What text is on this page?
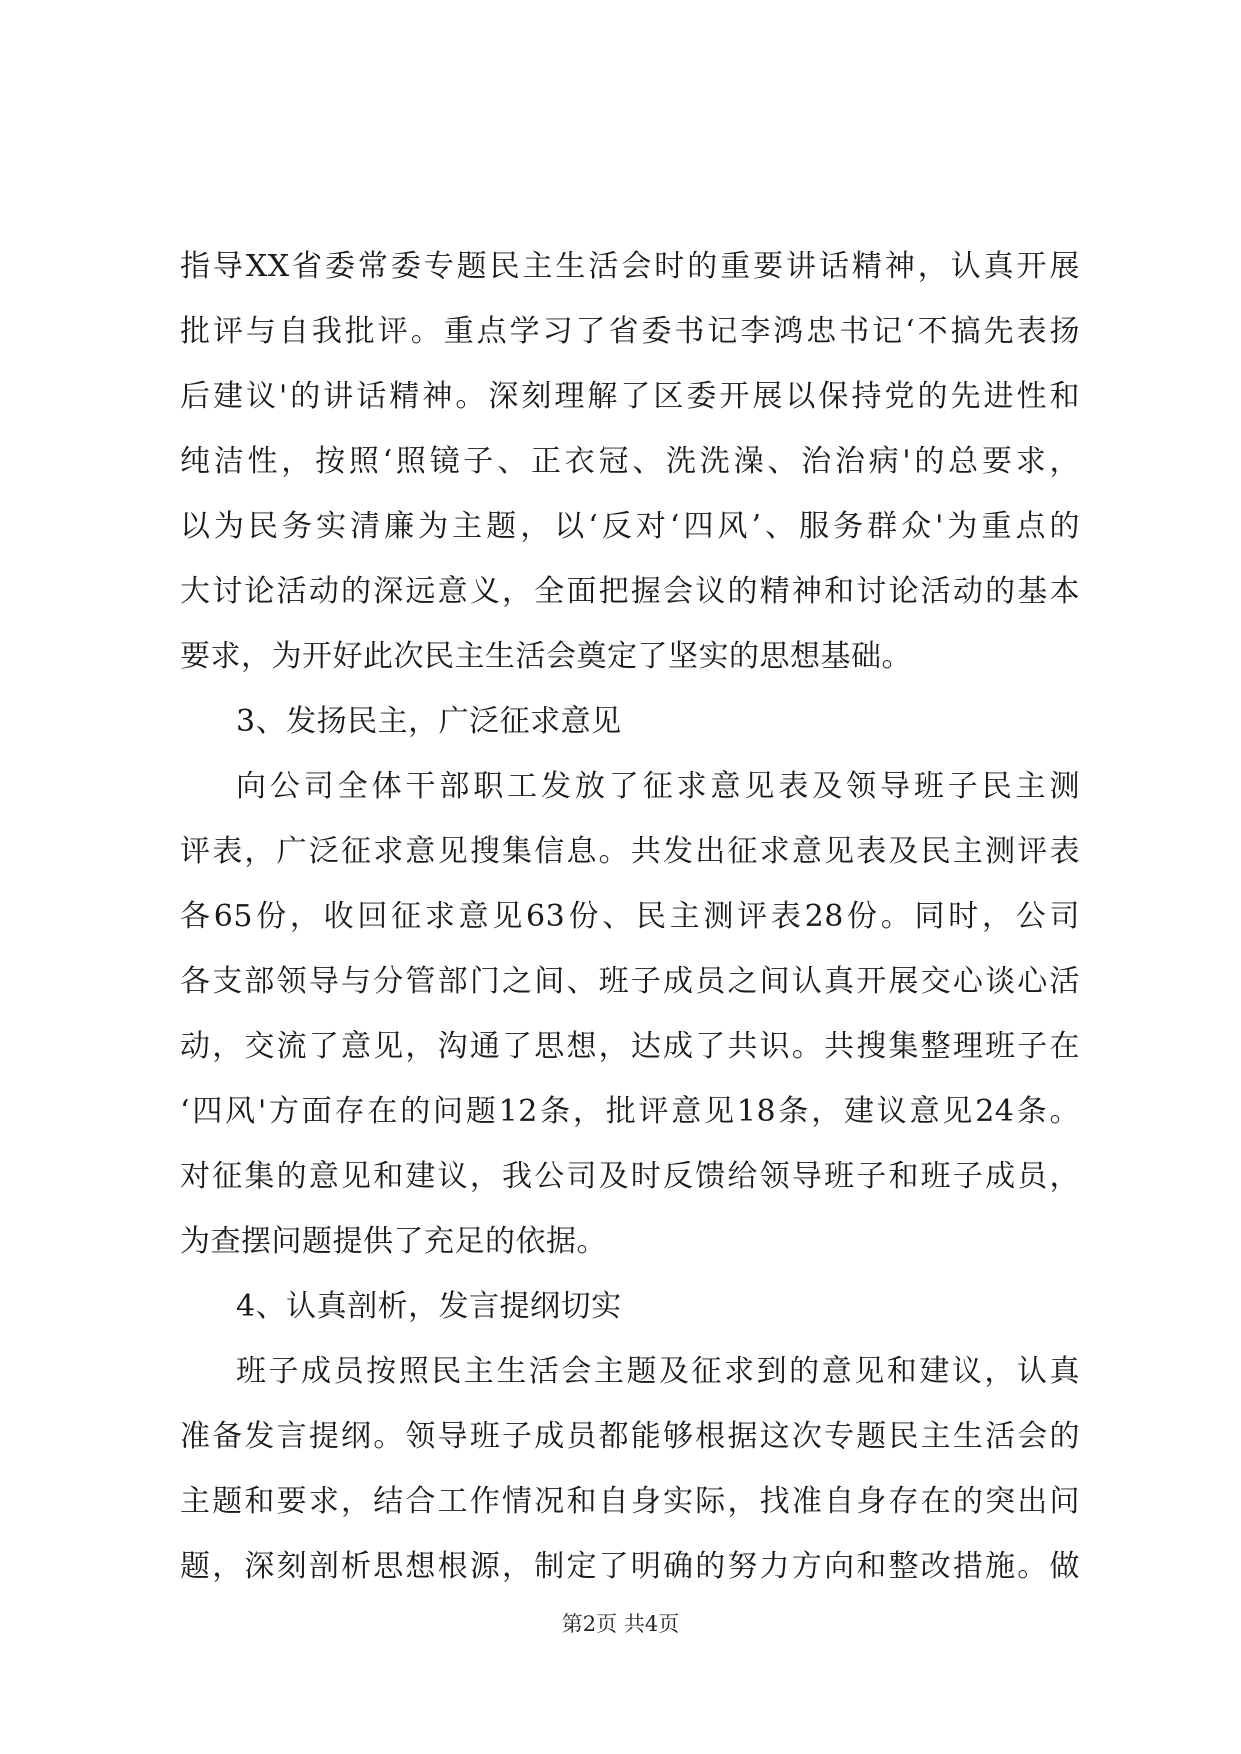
指导XX省委常委专题民主生活会时的重要讲话精神，认真开展
批评与自我批评。重点学习了省委书记李鸿忠书记‘不搞先表扬
后建议'的讲话精神。深刻理解了区委开展以保持党的先进性和
纯洁性，按照‘照镜子、正衣冠、洗洗澡、治治病'的总要求，
以为民务实清廉为主题，以‘反对‘四风’、服务群众'为重点的
大讨论活动的深远意义，全面把握会议的精神和讨论活动的基本
要求，为开好此次民主生活会奠定了坚实的思想基础。
3、发扬民主，广泛征求意见
向公司全体干部职工发放了征求意见表及领导班子民主测
评表，广泛征求意见搜集信息。共发出征求意见表及民主测评表
各65份，收回征求意见63份、民主测评表28份。同时，公司
各支部领导与分管部门之间、班子成员之间认真开展交心谈心活
动，交流了意见，沟通了思想，达成了共识。共搜集整理班子在
‘四风'方面存在的问题12条，批评意见18条，建议意见24条。
对征集的意见和建议，我公司及时反馈给领导班子和班子成员，
为查摆问题提供了充足的依据。
4、认真剖析，发言提纲切实
班子成员按照民主生活会主题及征求到的意见和建议，认真
准备发言提纲。领导班子成员都能够根据这次专题民主生活会的
主题和要求，结合工作情况和自身实际，找准自身存在的突出问
题，深刻剖析思想根源，制定了明确的努力方向和整改措施。做
第2页 共4页
